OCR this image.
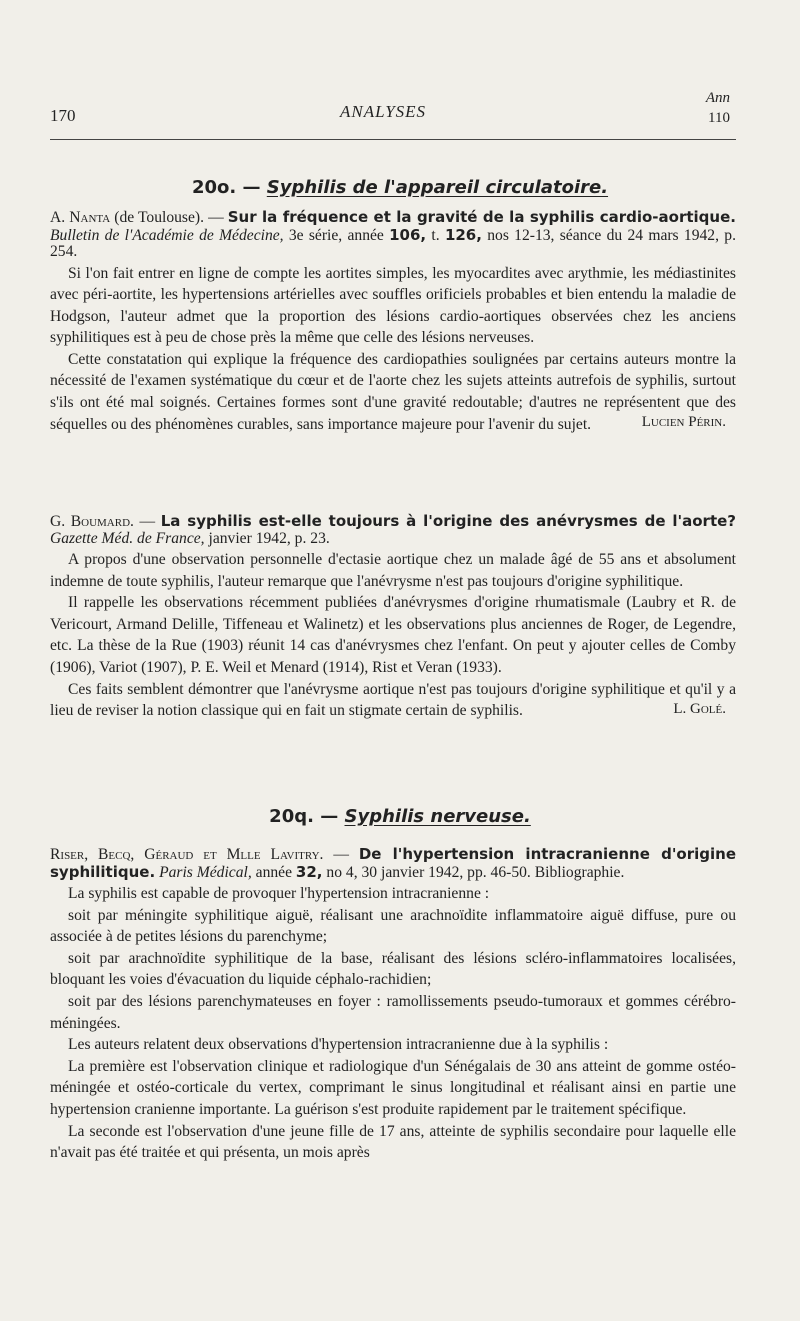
170	ANALYSES
Ann
110
20o. — Syphilis de l'appareil circulatoire.
A. Nanta (de Toulouse). — Sur la fréquence et la gravité de la syphilis cardio-aortique. Bulletin de l'Académie de Médecine, 3e série, année 106, t. 126, nos 12-13, séance du 24 mars 1942, p. 254.

Si l'on fait entrer en ligne de compte les aortites simples, les myocardites avec arythmie, les médiastinites avec péri-aortite, les hypertensions artérielles avec souffles orificiels probables et bien entendu la maladie de Hodgson, l'auteur admet que la proportion des lésions cardio-aortiques observées chez les anciens syphilitiques est à peu de chose près la même que celle des lésions nerveuses.

Cette constatation qui explique la fréquence des cardiopathies soulignées par certains auteurs montre la nécessité de l'examen systématique du cœur et de l'aorte chez les sujets atteints autrefois de syphilis, surtout s'ils ont été mal soignés. Certaines formes sont d'une gravité redoutable; d'autres ne représentent que des séquelles ou des phénomènes curables, sans importance majeure pour l'avenir du sujet.	Lucien Périn.
G. Boumard. — La syphilis est-elle toujours à l'origine des anévrysmes de l'aorte? Gazette Méd. de France, janvier 1942, p. 23.

A propos d'une observation personnelle d'ectasie aortique chez un malade âgé de 55 ans et absolument indemne de toute syphilis, l'auteur remarque que l'anévrysme n'est pas toujours d'origine syphilitique.

Il rappelle les observations récemment publiées d'anévrysmes d'origine rhumatismale (Laubry et R. de Vericourt, Armand Delille, Tiffeneau et Walinetz) et les observations plus anciennes de Roger, de Legendre, etc. La thèse de la Rue (1903) réunit 14 cas d'anévrysmes chez l'enfant. On peut y ajouter celles de Comby (1906), Variot (1907), P. E. Weil et Menard (1914), Rist et Veran (1933).

Ces faits semblent démontrer que l'anévrysme aortique n'est pas toujours d'origine syphilitique et qu'il y a lieu de reviser la notion classique qui en fait un stigmate certain de syphilis.	L. Golé.
20q. — Syphilis nerveuse.
Riser, Becq, Géraud et Mlle Lavitry. — De l'hypertension intracranienne d'origine syphilitique. Paris Médical, année 32, no 4, 30 janvier 1942, pp. 46-50. Bibliographie.

La syphilis est capable de provoquer l'hypertension intracranienne :

soit par méningite syphilitique aiguë, réalisant une arachnoïdite inflammatoire aiguë diffuse, pure ou associée à de petites lésions du parenchyme;

soit par arachnoïdite syphilitique de la base, réalisant des lésions scléro-inflammatoires localisées, bloquant les voies d'évacuation du liquide céphalo-rachidien;

soit par des lésions parenchymateuses en foyer : ramollissements pseudo-tumoraux et gommes cérébro-méningées.

Les auteurs relatent deux observations d'hypertension intracranienne due à la syphilis :

La première est l'observation clinique et radiologique d'un Sénégalais de 30 ans atteint de gomme ostéo-méningée et ostéo-corticale du vertex, comprimant le sinus longitudinal et réalisant ainsi en partie une hypertension cranienne importante. La guérison s'est produite rapidement par le traitement spécifique.

La seconde est l'observation d'une jeune fille de 17 ans, atteinte de syphilis secondaire pour laquelle elle n'avait pas été traitée et qui présenta, un mois après
